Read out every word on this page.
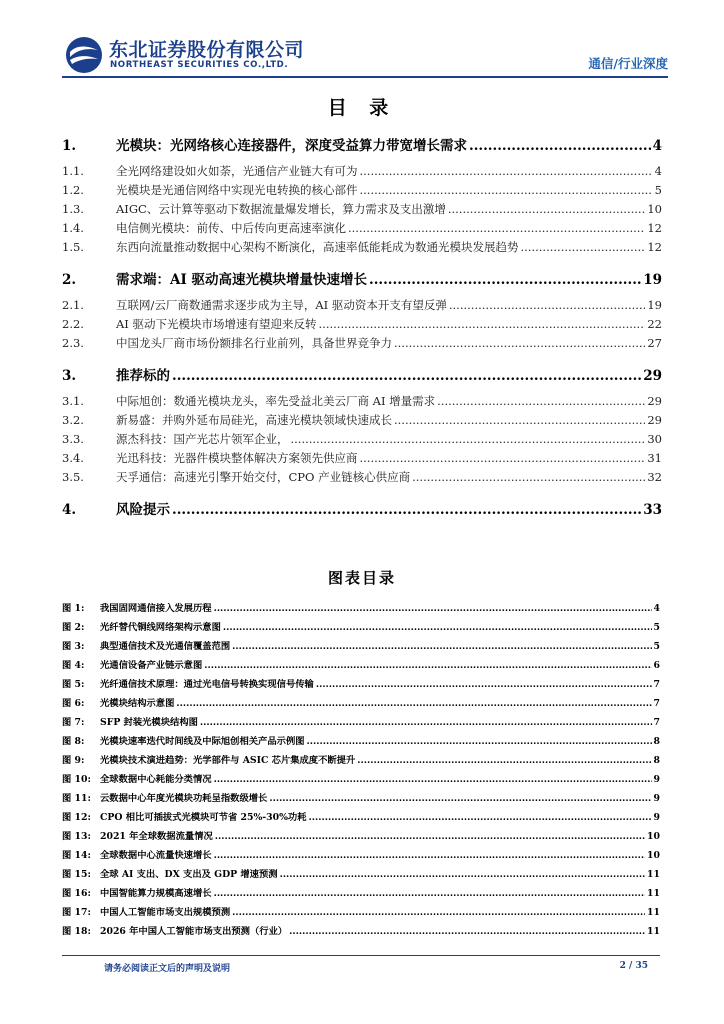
东北证券股份有限公司
NORTHEAST SECURITIES CO.,LTD.	通信/行业深度
目 录
1.	光模块：光网络核心连接器件，深度受益算力带宽增长需求 .....	4
1.1.	全光网络建设如火如荼，光通信产业链大有可为 .....	4
1.2.	光模块是光通信网络中实现光电转换的核心部件 .....	5
1.3.	AIGC、云计算等驱动下数据流量爆发增长，算力需求及支出激增 .....	10
1.4.	电信侧光模块：前传、中后传向更高速率演化 .....	12
1.5.	东西向流量推动数据中心架构不断演化，高速率低能耗成为数通光模块发展趋势 .....	12
2.	需求端：AI 驱动高速光模块增量快速增长 .....	19
2.1.	互联网/云厂商数通需求逐步成为主导，AI 驱动资本开支有望反弹 .....	19
2.2.	AI 驱动下光模块市场增速有望迎来反转 .....	22
2.3.	中国龙头厂商市场份额排名行业前列，具备世界竞争力 .....	27
3.	推荐标的 .....	29
3.1.	中际旭创：数通光模块龙头，率先受益北美云厂商 AI 增量需求 .....	29
3.2.	新易盛：并购外延布局硅光，高速光模块领域快速成长 .....	29
3.3.	源杰科技：国产光芯片领军企业， .....	30
3.4.	光迅科技：光器件模块整体解决方案领先供应商 .....	31
3.5.	天孚通信：高速光引擎开始交付，CPO 产业链核心供应商 .....	32
4.	风险提示 .....	33
图表目录
图 1:	我国固网通信接入发展历程 .....	4
图 2:	光纤替代铜线网络架构示意图 .....	5
图 3:	典型通信技术及光通信覆盖范围 .....	5
图 4:	光通信设备产业链示意图 .....	6
图 5:	光纤通信技术原理：通过光电信号转换实现信号传输 .....	7
图 6:	光模块结构示意图 .....	7
图 7:	SFP 封装光模块结构图 .....	7
图 8:	光模块速率迭代时间线及中际旭创相关产品示例图 .....	8
图 9:	光模块技术演进趋势：光学部件与 ASIC 芯片集成度不断提升 .....	8
图 10: 全球数据中心耗能分类情况 .....	9
图 11: 云数据中心年度光模块功耗呈指数级增长 .....	9
图 12: CPO 相比可插拔式光模块可节省 25%-30%功耗 .....	9
图 13: 2021 年全球数据流量情况 .....	10
图 14: 全球数据中心流量快速增长 .....	10
图 15: 全球 AI 支出、DX 支出及 GDP 增速预测 .....	11
图 16: 中国智能算力规模高速增长 .....	11
图 17: 中国人工智能市场支出规模预测 .....	11
图 18: 2026 年中国人工智能市场支出预测（行业） .....	11
请务必阅读正文后的声明及说明	2 / 35
